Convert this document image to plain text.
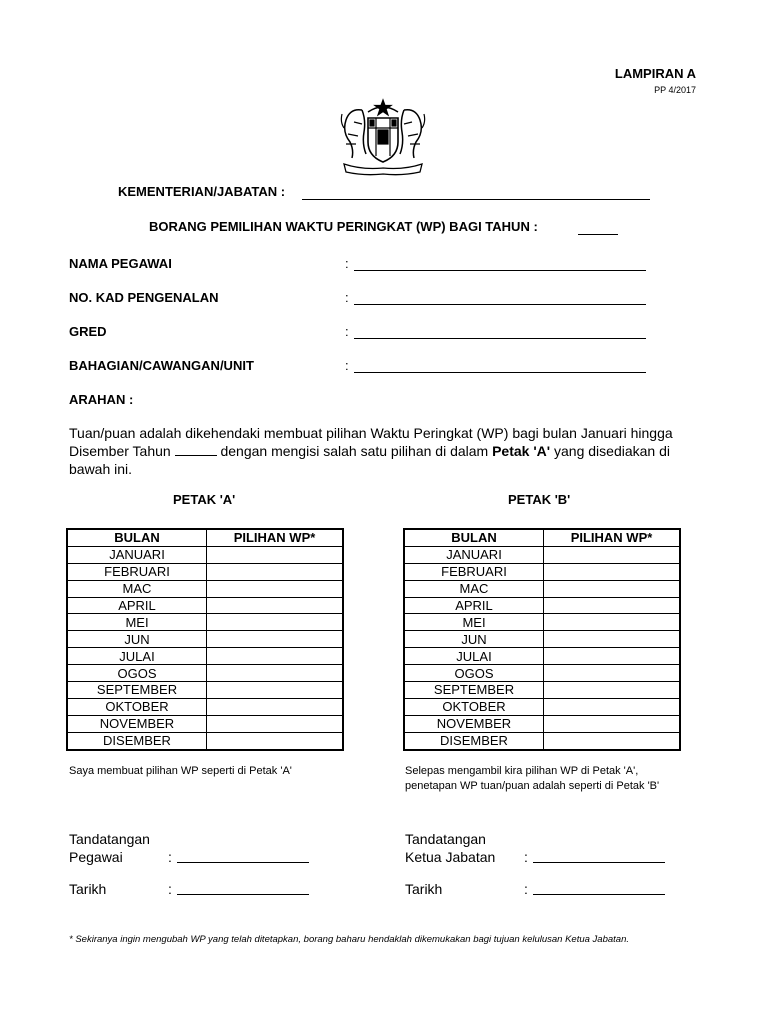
LAMPIRAN A
PP 4/2017
KEMENTERIAN/JABATAN :
BORANG PEMILIHAN WAKTU PERINGKAT (WP) BAGI TAHUN :
NAMA PEGAWAI	:
NO. KAD PENGENALAN	:
GRED	:
BAHAGIAN/CAWANGAN/UNIT	:
ARAHAN :
Tuan/puan adalah dikehendaki membuat pilihan Waktu Peringkat (WP) bagi bulan Januari hingga Disember Tahun	dengan mengisi salah satu pilihan di dalam Petak 'A' yang disediakan di bawah ini.
PETAK 'A'	PETAK 'B'
BULAN	PILIHAN WP*
JANUARI	
FEBRUARI	
MAC	
APRIL	
MEI	
JUN	
JULAI	
OGOS	
SEPTEMBER	
OKTOBER	
NOVEMBER	
DISEMBER	
BULAN	PILIHAN WP*
JANUARI	
FEBRUARI	
MAC	
APRIL	
MEI	
JUN	
JULAI	
OGOS	
SEPTEMBER	
OKTOBER	
NOVEMBER	
DISEMBER	
Saya membuat pilihan WP seperti di Petak 'A'	Selepas mengambil kira pilihan WP di Petak 'A', penetapan WP tuan/puan adalah seperti di Petak 'B'
Tandatangan
Pegawai	:
Tarikh	:
Tandatangan
Ketua Jabatan :
Tarikh	:
* Sekiranya ingin mengubah WP yang telah ditetapkan, borang baharu hendaklah dikemukakan bagi tujuan kelulusan Ketua Jabatan.
